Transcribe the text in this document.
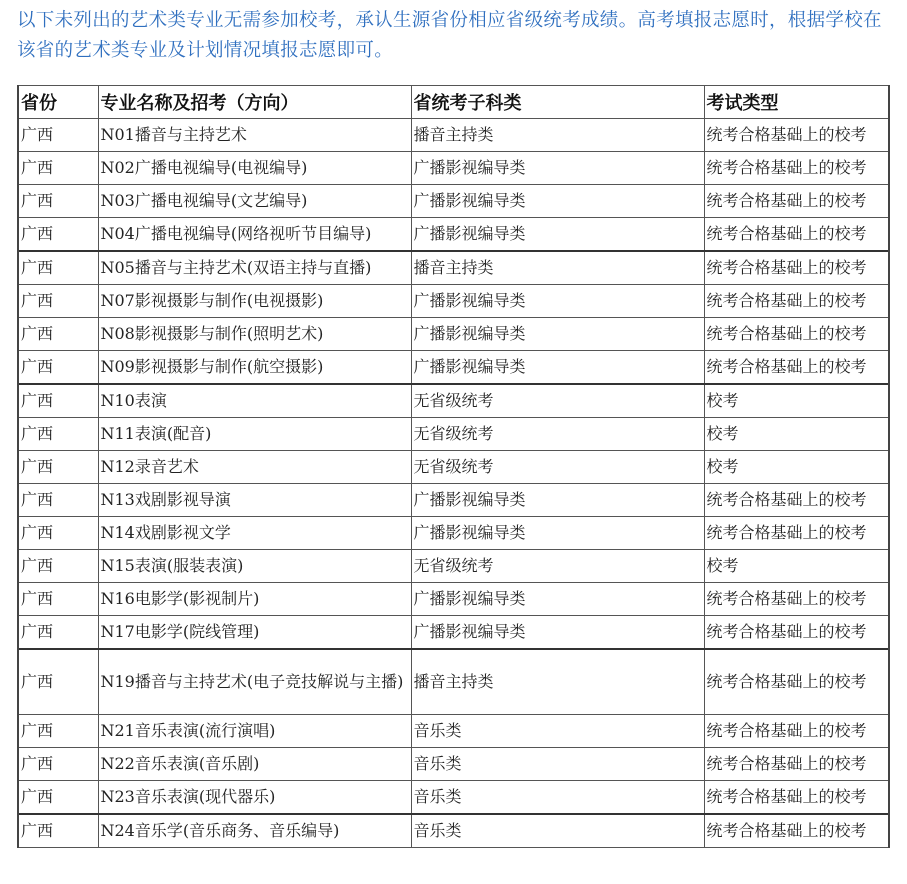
以下未列出的艺术类专业无需参加校考，承认生源省份相应省级统考成绩。高考填报志愿时，根据学校在该省的艺术类专业及计划情况填报志愿即可。

省份	专业名称及招考（方向）	省统考子科类	考试类型
广西	N01播音与主持艺术	播音主持类	统考合格基础上的校考
广西	N02广播电视编导(电视编导)	广播影视编导类	统考合格基础上的校考
广西	N03广播电视编导(文艺编导)	广播影视编导类	统考合格基础上的校考
广西	N04广播电视编导(网络视听节目编导)	广播影视编导类	统考合格基础上的校考
广西	N05播音与主持艺术(双语主持与直播)	播音主持类	统考合格基础上的校考
广西	N07影视摄影与制作(电视摄影)	广播影视编导类	统考合格基础上的校考
广西	N08影视摄影与制作(照明艺术)	广播影视编导类	统考合格基础上的校考
广西	N09影视摄影与制作(航空摄影)	广播影视编导类	统考合格基础上的校考
广西	N10表演	无省级统考	校考
广西	N11表演(配音)	无省级统考	校考
广西	N12录音艺术	无省级统考	校考
广西	N13戏剧影视导演	广播影视编导类	统考合格基础上的校考
广西	N14戏剧影视文学	广播影视编导类	统考合格基础上的校考
广西	N15表演(服装表演)	无省级统考	校考
广西	N16电影学(影视制片)	广播影视编导类	统考合格基础上的校考
广西	N17电影学(院线管理)	广播影视编导类	统考合格基础上的校考
广西	N19播音与主持艺术(电子竞技解说与主播)	播音主持类	统考合格基础上的校考
广西	N21音乐表演(流行演唱)	音乐类	统考合格基础上的校考
广西	N22音乐表演(音乐剧)	音乐类	统考合格基础上的校考
广西	N23音乐表演(现代器乐)	音乐类	统考合格基础上的校考
广西	N24音乐学(音乐商务、音乐编导)	音乐类	统考合格基础上的校考
